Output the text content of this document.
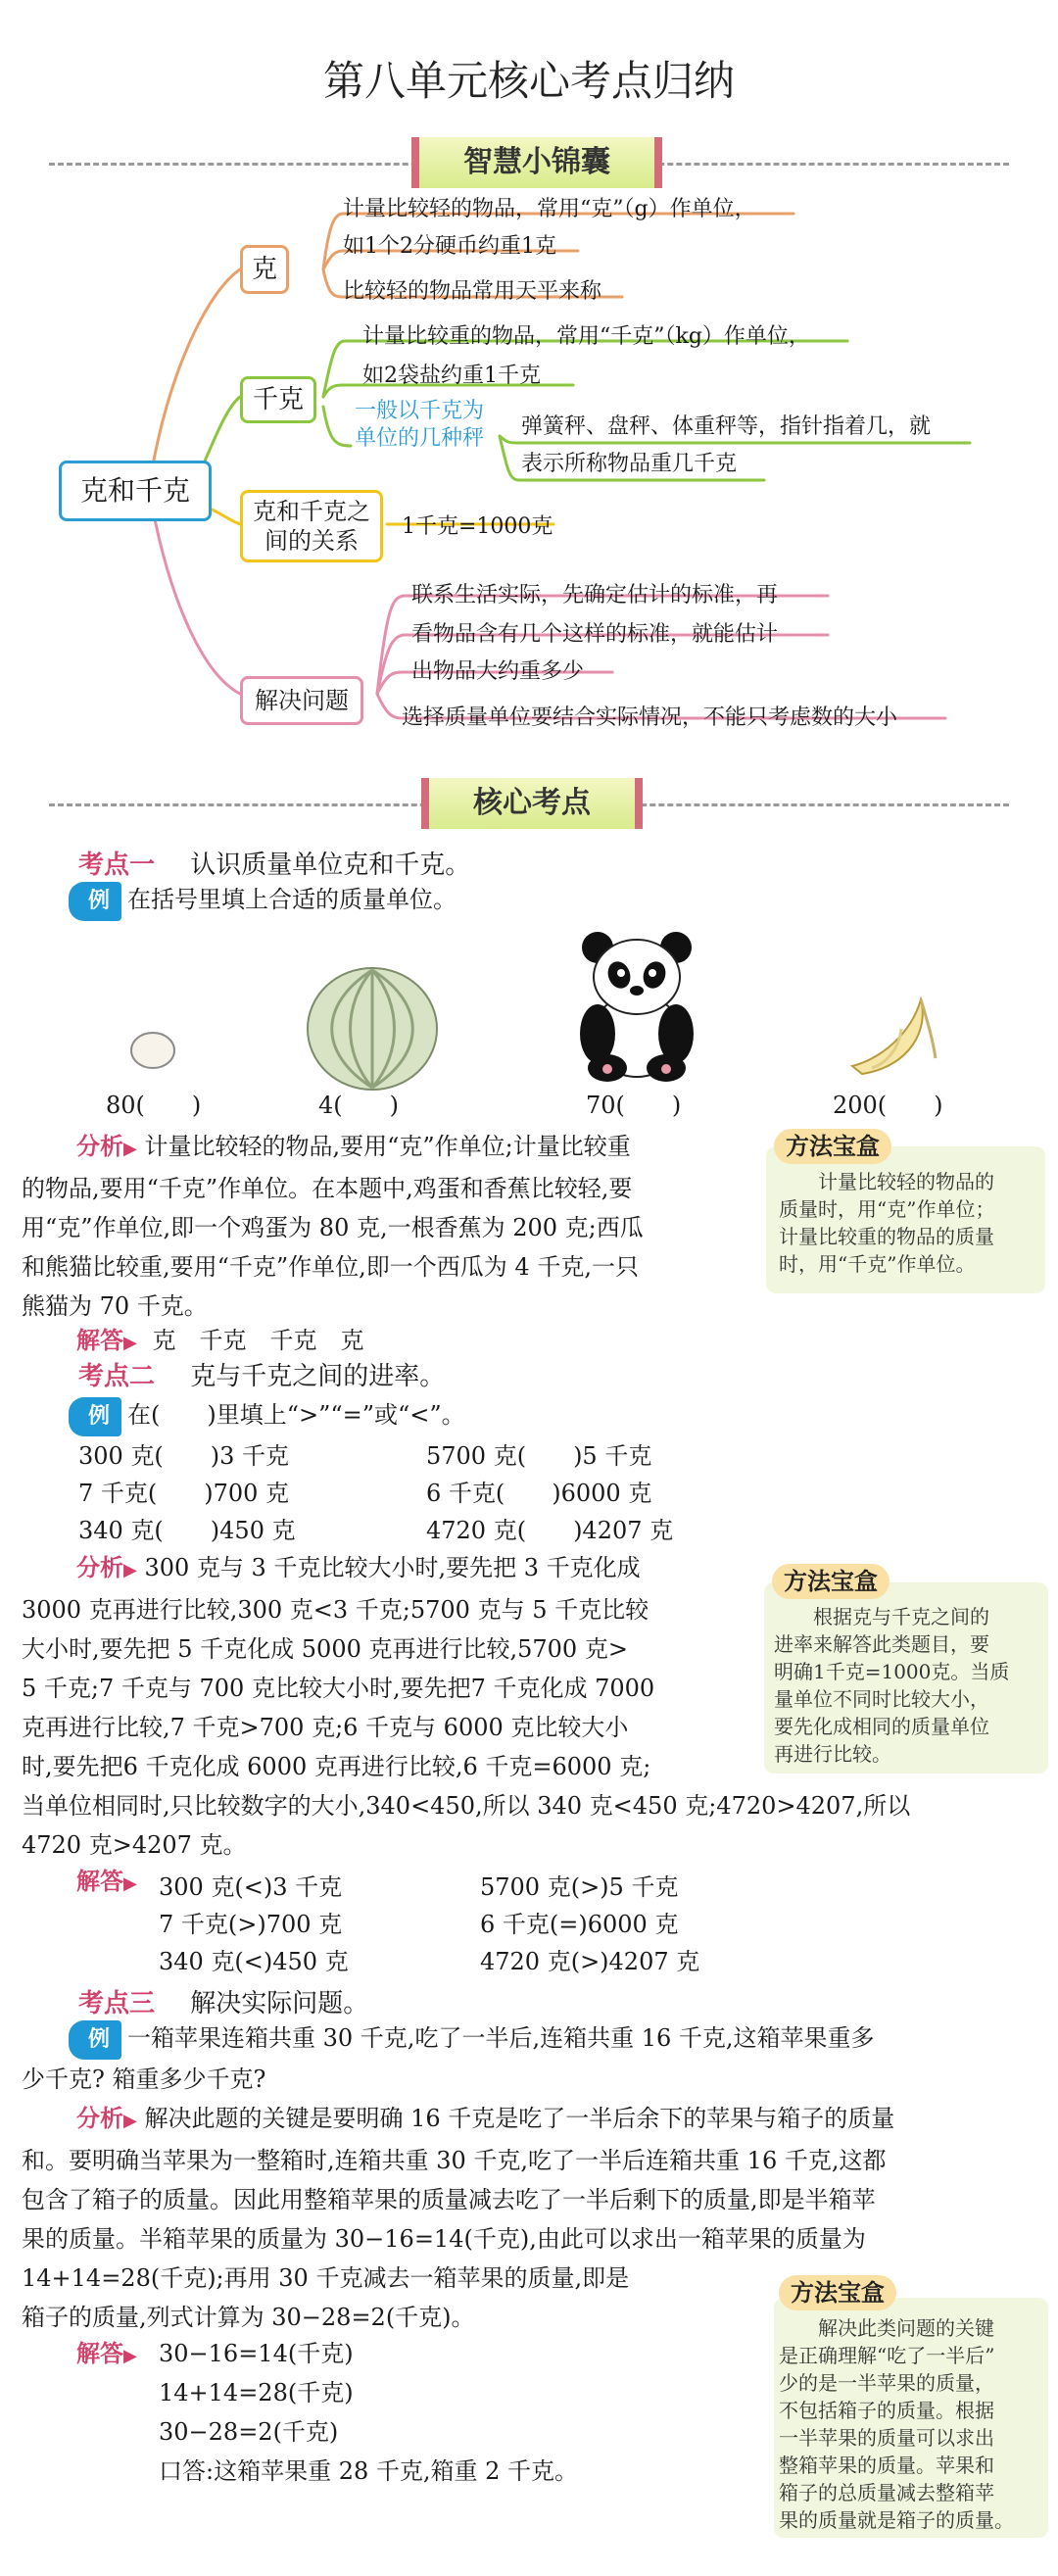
第八单元核心考点归纳
智慧小锦囊
克和千克
克
千克
克和千克之
间的关系
解决问题
计量比较轻的物品，常用“克”（g）作单位，
如1个2分硬币约重1克
比较轻的物品常用天平来称
计量比较重的物品，常用“千克”（kg）作单位，
如2袋盐约重1千克
一般以千克为
单位的几种秤 弹簧秤、盘秤、体重秤等，指针指着几，就
表示所称物品重几千克
1千克=1000克
联系生活实际，先确定估计的标准，再
看物品含有几个这样的标准，就能估计
出物品大约重多少
选择质量单位要结合实际情况，不能只考虑数的大小
核心考点
考点一 认识质量单位克和千克。
例 在括号里填上合适的质量单位。
80(　　)	4(　　)	70(　　)	200(　　)
分析▶ 计量比较轻的物品,要用“克”作单位;计量比较重
的物品,要用“千克”作单位。在本题中,鸡蛋和香蕉比较轻,要
用“克”作单位,即一个鸡蛋为 80 克,一根香蕉为 200 克;西瓜
和熊猫比较重,要用“千克”作单位,即一个西瓜为 4 千克,一只
熊猫为 70 千克。
解答▶ 克　千克　千克　克
方法宝盒
计量比较轻的物品的
质量时，用“克”作单位；
计量比较重的物品的质量
时，用“千克”作单位。
考点二 克与千克之间的进率。
例 在(　　)里填上“>”“=”或“<”。
300 克(　　)3 千克	5700 克(　　)5 千克
7 千克(　　)700 克	6 千克(　　)6000 克
340 克(　　)450 克	4720 克(　　)4207 克
分析▶ 300 克与 3 千克比较大小时,要先把 3 千克化成
3000 克再进行比较,300 克<3 千克;5700 克与 5 千克比较
大小时,要先把 5 千克化成 5000 克再进行比较,5700 克>
5 千克;7 千克与 700 克比较大小时,要先把7 千克化成 7000
克再进行比较,7 千克>700 克;6 千克与 6000 克比较大小
时,要先把6 千克化成 6000 克再进行比较,6 千克=6000 克;
当单位相同时,只比较数字的大小,340<450,所以 340 克<450 克;4720>4207,所以
4720 克>4207 克。
解答▶ 300 克(<)3 千克	5700 克(>)5 千克
7 千克(>)700 克	6 千克(=)6000 克
340 克(<)450 克	4720 克(>)4207 克
方法宝盒
根据克与千克之间的
进率来解答此类题目，要
明确1千克=1000克。当质
量单位不同时比较大小，
要先化成相同的质量单位
再进行比较。
考点三 解决实际问题。
例 一箱苹果连箱共重 30 千克,吃了一半后,连箱共重 16 千克,这箱苹果重多
少千克? 箱重多少千克?
分析▶ 解决此题的关键是要明确 16 千克是吃了一半后余下的苹果与箱子的质量
和。要明确当苹果为一整箱时,连箱共重 30 千克,吃了一半后连箱共重 16 千克,这都
包含了箱子的质量。因此用整箱苹果的质量减去吃了一半后剩下的质量,即是半箱苹
果的质量。半箱苹果的质量为 30−16=14(千克),由此可以求出一箱苹果的质量为
14+14=28(千克);再用 30 千克减去一箱苹果的质量,即是
箱子的质量,列式计算为 30−28=2(千克)。
解答▶ 30−16=14(千克)
14+14=28(千克)
30−28=2(千克)
口答:这箱苹果重 28 千克,箱重 2 千克。
方法宝盒
解决此类问题的关键
是正确理解“吃了一半后”
少的是一半苹果的质量，
不包括箱子的质量。根据
一半苹果的质量可以求出
整箱苹果的质量。苹果和
箱子的总质量减去整箱苹
果的质量就是箱子的质量。
